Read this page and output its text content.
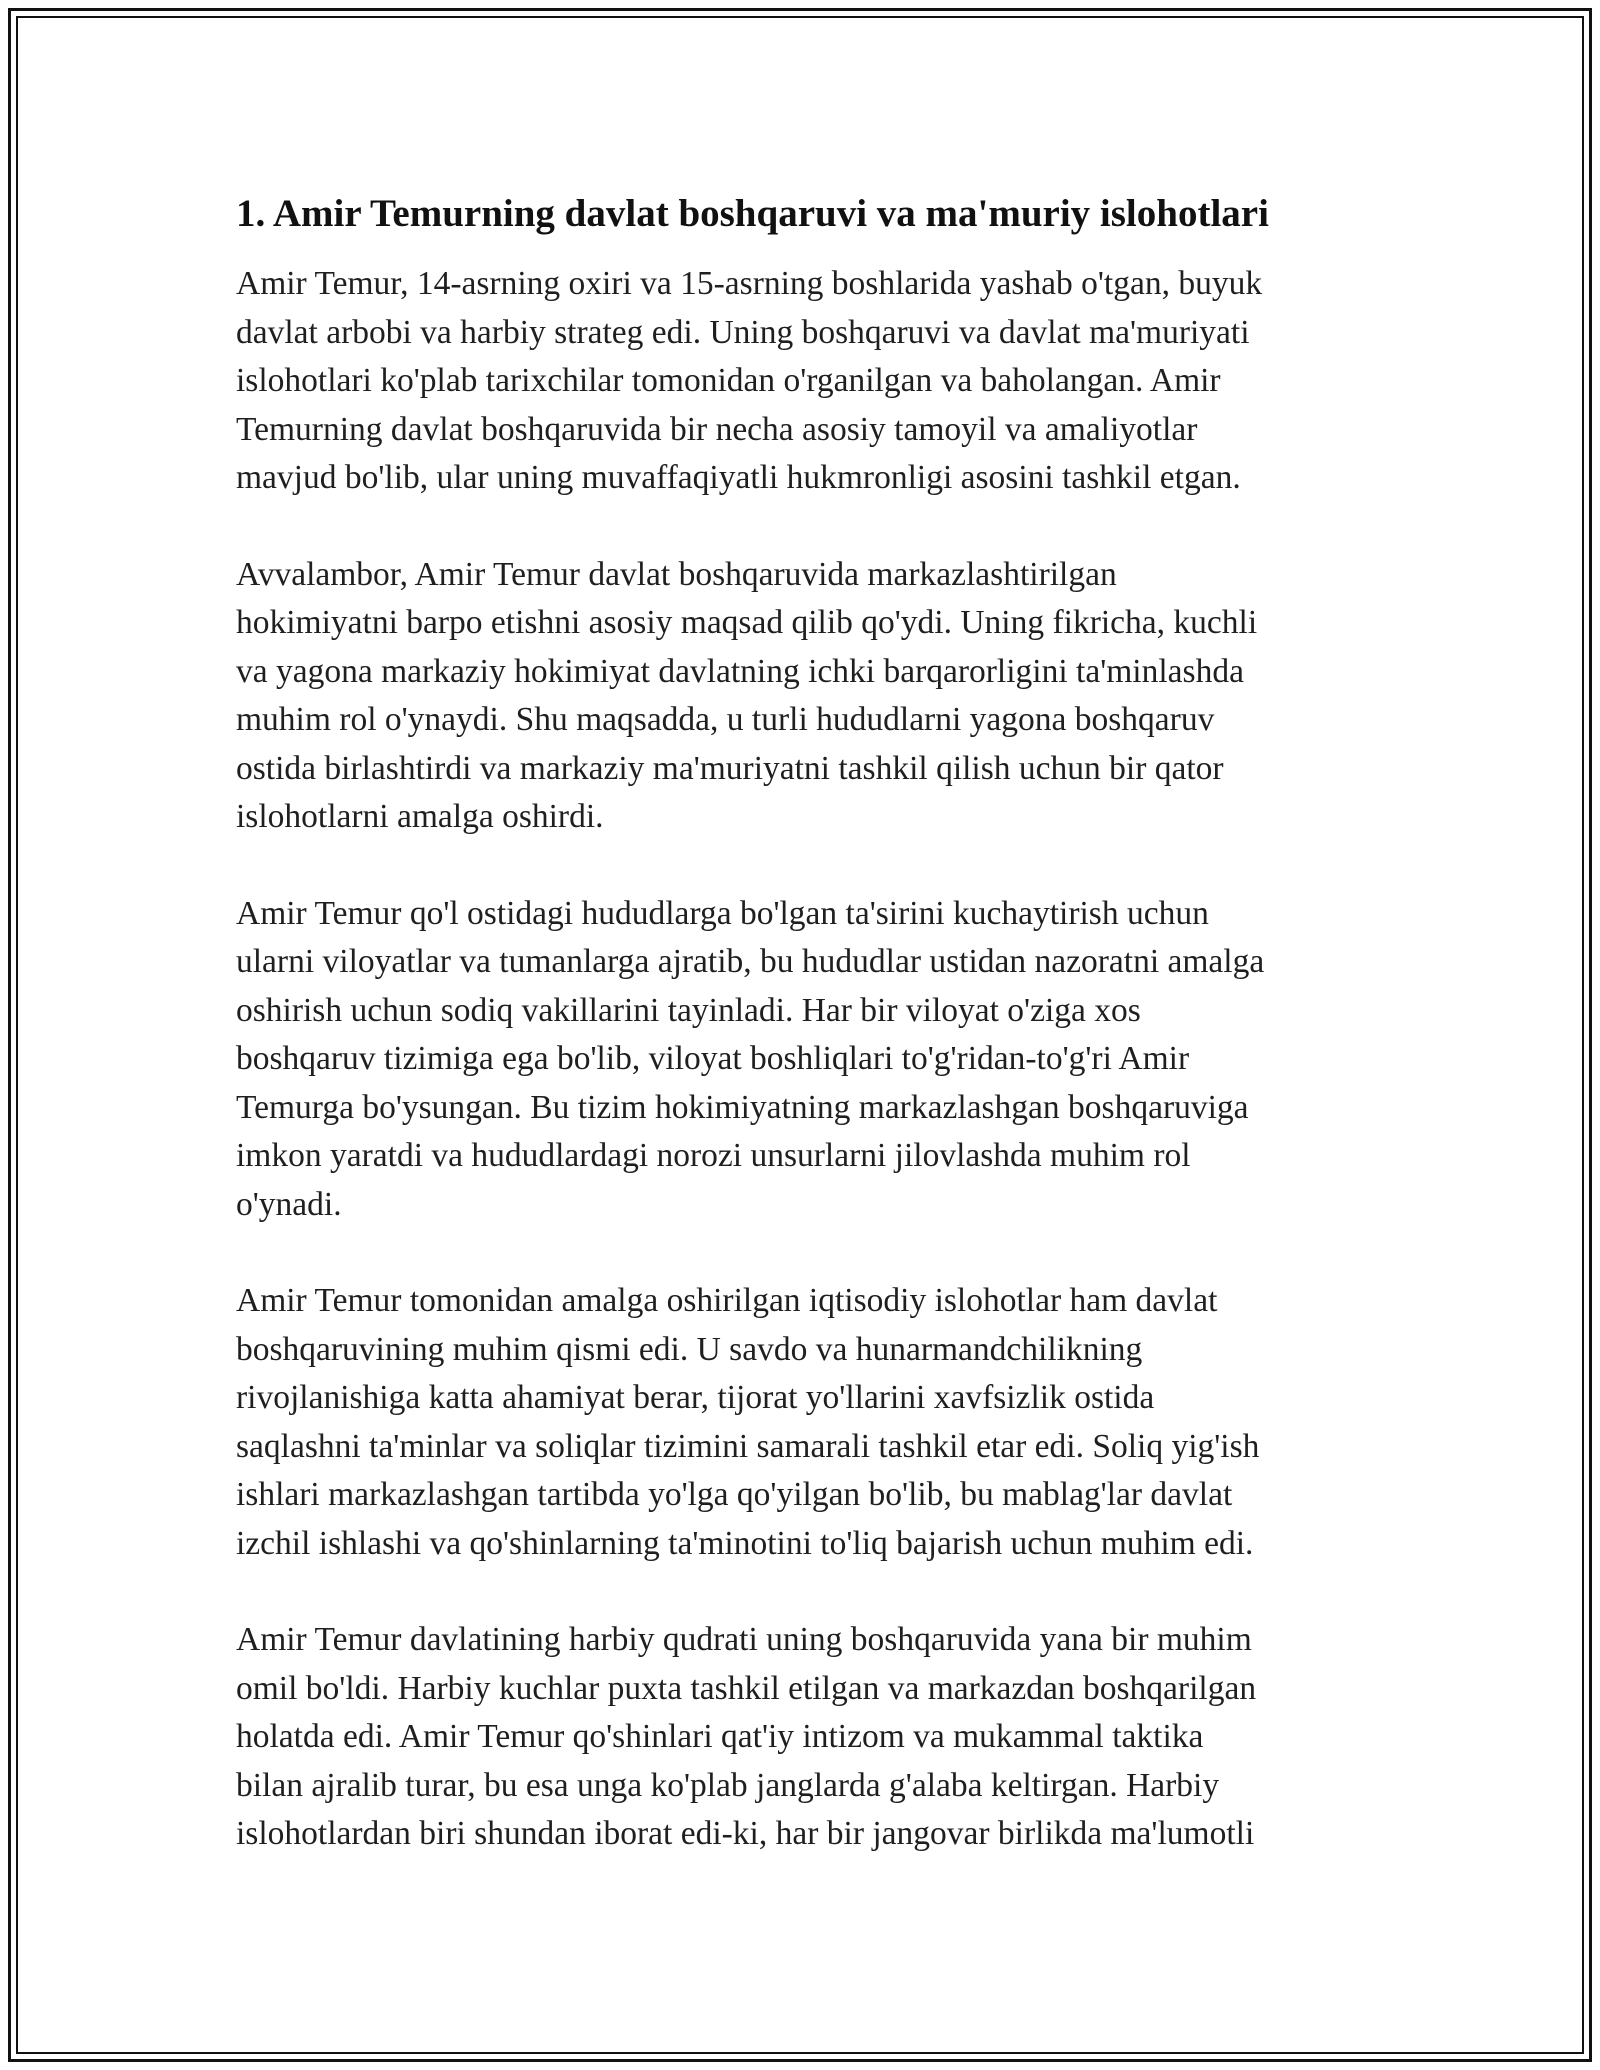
1. Amir Temurning davlat boshqaruvi va ma'muriy islohotlari
Amir Temur, 14-asrning oxiri va 15-asrning boshlarida yashab o'tgan, buyuk
davlat arbobi va harbiy strateg edi. Uning boshqaruvi va davlat ma'muriyati
islohotlari ko'plab tarixchilar tomonidan o'rganilgan va baholangan. Amir
Temurning davlat boshqaruvida bir necha asosiy tamoyil va amaliyotlar
mavjud bo'lib, ular uning muvaffaqiyatli hukmronligi asosini tashkil etgan.
Avvalambor, Amir Temur davlat boshqaruvida markazlashtirilgan
hokimiyatni barpo etishni asosiy maqsad qilib qo'ydi. Uning fikricha, kuchli
va yagona markaziy hokimiyat davlatning ichki barqarorligini ta'minlashda
muhim rol o'ynaydi. Shu maqsadda, u turli hududlarni yagona boshqaruv
ostida birlashtirdi va markaziy ma'muriyatni tashkil qilish uchun bir qator
islohotlarni amalga oshirdi.
Amir Temur qo'l ostidagi hududlarga bo'lgan ta'sirini kuchaytirish uchun
ularni viloyatlar va tumanlarga ajratib, bu hududlar ustidan nazoratni amalga
oshirish uchun sodiq vakillarini tayinladi. Har bir viloyat o'ziga xos
boshqaruv tizimiga ega bo'lib, viloyat boshliqlari to'g'ridan-to'g'ri Amir
Temurga bo'ysungan. Bu tizim hokimiyatning markazlashgan boshqaruviga
imkon yaratdi va hududlardagi norozi unsurlarni jilovlashda muhim rol
o'ynadi.
Amir Temur tomonidan amalga oshirilgan iqtisodiy islohotlar ham davlat
boshqaruvining muhim qismi edi. U savdo va hunarmandchilikning
rivojlanishiga katta ahamiyat berar, tijorat yo'llarini xavfsizlik ostida
saqlashni ta'minlar va soliqlar tizimini samarali tashkil etar edi. Soliq yig'ish
ishlari markazlashgan tartibda yo'lga qo'yilgan bo'lib, bu mablag'lar davlat
izchil ishlashi va qo'shinlarning ta'minotini to'liq bajarish uchun muhim edi.
Amir Temur davlatining harbiy qudrati uning boshqaruvida yana bir muhim
omil bo'ldi. Harbiy kuchlar puxta tashkil etilgan va markazdan boshqarilgan
holatda edi. Amir Temur qo'shinlari qat'iy intizom va mukammal taktika
bilan ajralib turar, bu esa unga ko'plab janglarda g'alaba keltirgan. Harbiy
islohotlardan biri shundan iborat edi-ki, har bir jangovar birlikda ma'lumotli
